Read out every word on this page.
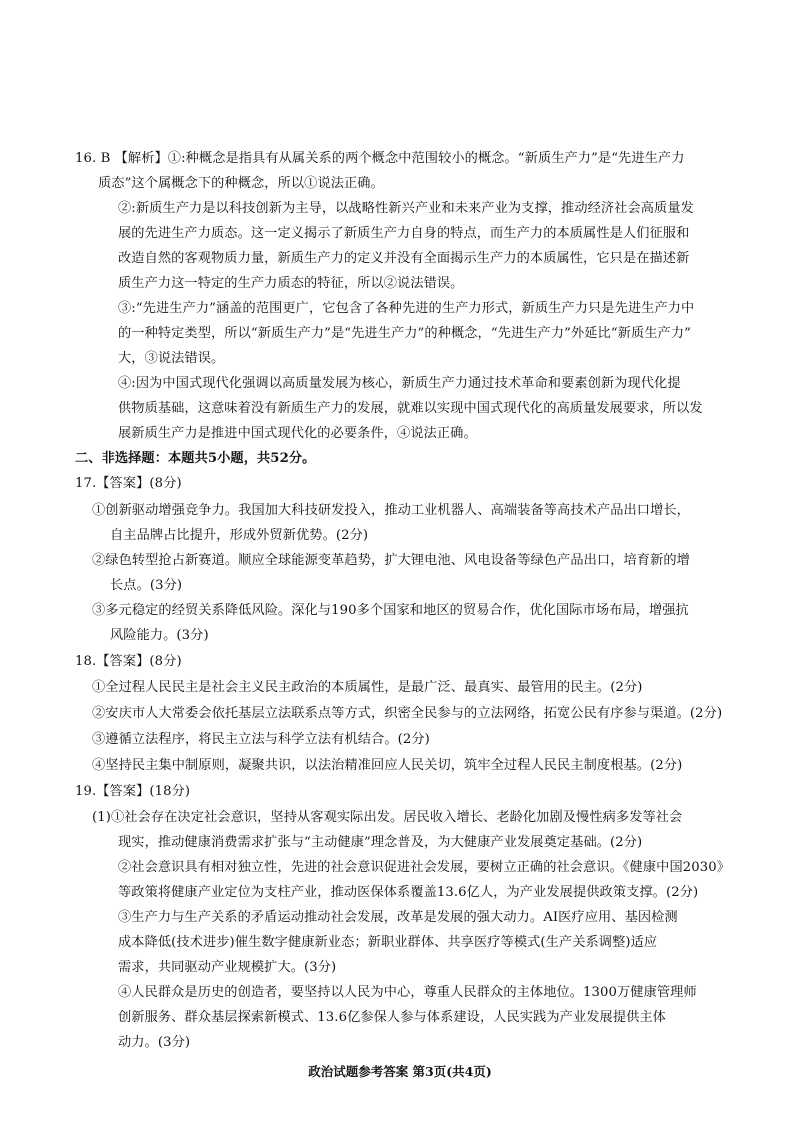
16. B 【解析】①:种概念是指具有从属关系的两个概念中范围较小的概念。“新质生产力”是“先进生产力
质态”这个属概念下的种概念，所以①说法正确。
②:新质生产力是以科技创新为主导，以战略性新兴产业和未来产业为支撑，推动经济社会高质量发
展的先进生产力质态。这一定义揭示了新质生产力自身的特点，而生产力的本质属性是人们征服和
改造自然的客观物质力量，新质生产力的定义并没有全面揭示生产力的本质属性，它只是在描述新
质生产力这一特定的生产力质态的特征，所以②说法错误。
③:“先进生产力”涵盖的范围更广，它包含了各种先进的生产力形式，新质生产力只是先进生产力中
的一种特定类型，所以“新质生产力”是“先进生产力”的种概念，“先进生产力”外延比“新质生产力”
大，③说法错误。
④:因为中国式现代化强调以高质量发展为核心，新质生产力通过技术革命和要素创新为现代化提
供物质基础，这意味着没有新质生产力的发展，就难以实现中国式现代化的高质量发展要求，所以发
展新质生产力是推进中国式现代化的必要条件，④说法正确。
二、非选择题：本题共5小题，共52分。
17.【答案】(8分)
①创新驱动增强竞争力。我国加大科技研发投入，推动工业机器人、高端装备等高技术产品出口增长，
自主品牌占比提升，形成外贸新优势。(2分)
②绿色转型抢占新赛道。顺应全球能源变革趋势，扩大锂电池、风电设备等绿色产品出口，培育新的增
长点。(3分)
③多元稳定的经贸关系降低风险。深化与190多个国家和地区的贸易合作，优化国际市场布局，增强抗
风险能力。(3分)
18.【答案】(8分)
①全过程人民民主是社会主义民主政治的本质属性，是最广泛、最真实、最管用的民主。(2分)
②安庆市人大常委会依托基层立法联系点等方式，织密全民参与的立法网络，拓宽公民有序参与渠道。(2分)
③遵循立法程序，将民主立法与科学立法有机结合。(2分)
④坚持民主集中制原则，凝聚共识，以法治精准回应人民关切，筑牢全过程人民民主制度根基。(2分)
19.【答案】(18分)
(1)①社会存在决定社会意识，坚持从客观实际出发。居民收入增长、老龄化加剧及慢性病多发等社会
现实，推动健康消费需求扩张与“主动健康”理念普及，为大健康产业发展奠定基础。(2分)
②社会意识具有相对独立性，先进的社会意识促进社会发展，要树立正确的社会意识。《健康中国2030》
等政策将健康产业定位为支柱产业，推动医保体系覆盖13.6亿人，为产业发展提供政策支撑。(2分)
③生产力与生产关系的矛盾运动推动社会发展，改革是发展的强大动力。AI医疗应用、基因检测
成本降低(技术进步)催生数字健康新业态；新职业群体、共享医疗等模式(生产关系调整)适应
需求，共同驱动产业规模扩大。(3分)
④人民群众是历史的创造者，要坚持以人民为中心，尊重人民群众的主体地位。1300万健康管理师
创新服务、群众基层探索新模式、13.6亿参保人参与体系建设，人民实践为产业发展提供主体
动力。(3分)
政治试题参考答案 第3页(共4页)
